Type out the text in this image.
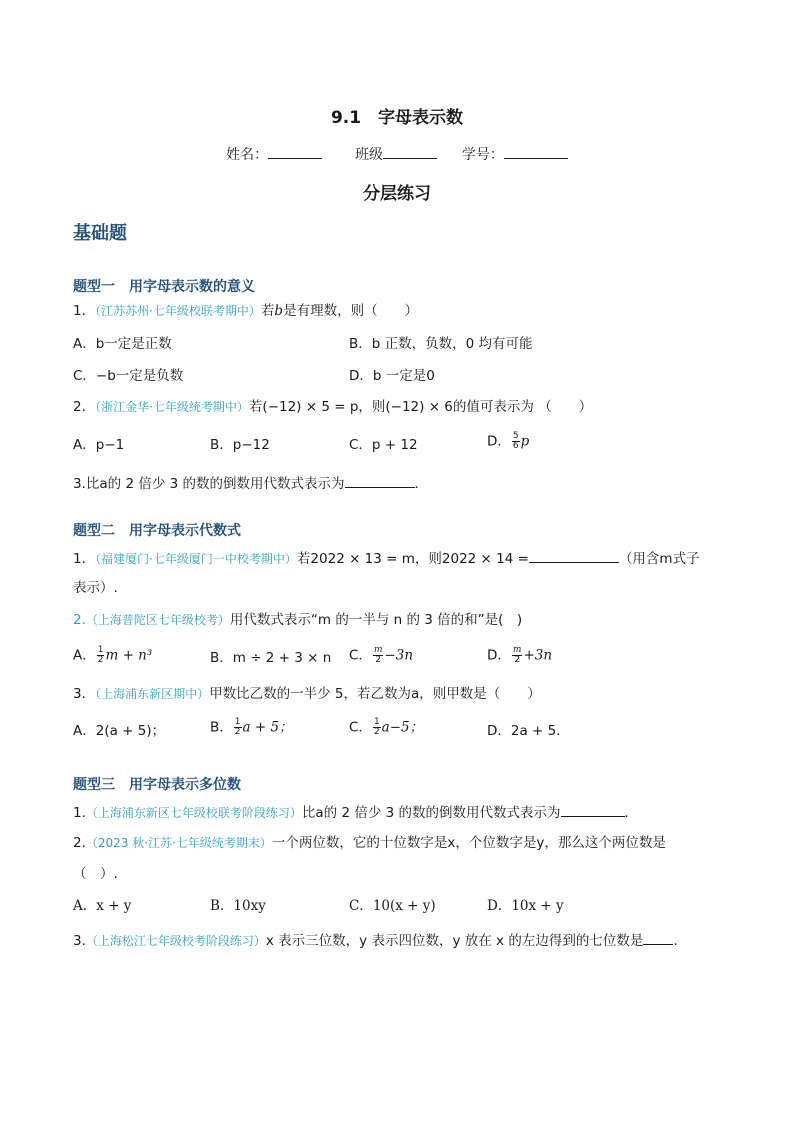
9.1　字母表示数
姓名：	班级	学号：
分层练习
基础题
题型一　用字母表示数的意义
1．（江苏苏州·七年级校联考期中）若b是有理数，则（　　）
A．b一定是正数	B．b 正数，负数，0 均有可能
C．−b一定是负数	D．b 一定是0
2．（浙江金华·七年级统考期中）若(−12) × 5 = p，则(−12) × 6的值可表示为 （　　）
A．p−1	B．p−12	C．p + 12	D． $\frac{5}{6}$ p
3.比a的 2 倍少 3 的数的倒数用代数式表示为	．
题型二　用字母表示代数式
1．（福建厦门·七年级厦门一中校考期中）若2022 × 13 = m，则2022 × 14 =	（用含m式子
表示）.
2.（上海普陀区七年级校考）用代数式表示“m 的一半与 n 的 3 倍的和”是(　)
A． $\frac{1}{2}$ m + n³	B．m ÷ 2 + 3 × n C． $\frac{m}{2} -3n$	D． $\frac{m}{2} +3n$
3．（上海浦东新区期中）甲数比乙数的一半少 5，若乙数为a，则甲数是（　　）
A．2(a + 5)；	B． $\frac{1}{2}$ a + 5；	C． $\frac{1}{2} a-5$；	D．2a + 5．
题型三　用字母表示多位数
1.（上海浦东新区七年级校联考阶段练习）比a的 2 倍少 3 的数的倒数用代数式表示为	．
2.（2023 秋·江苏·七年级统考期末）一个两位数，它的十位数字是x，个位数字是y，那么这个两位数是
（　）.
A．x + y	B．10xy	C．10(x + y)	D．10x + y
3.（上海松江七年级校考阶段练习）x 表示三位数，y 表示四位数，y 放在 x 的左边得到的七位数是 .
